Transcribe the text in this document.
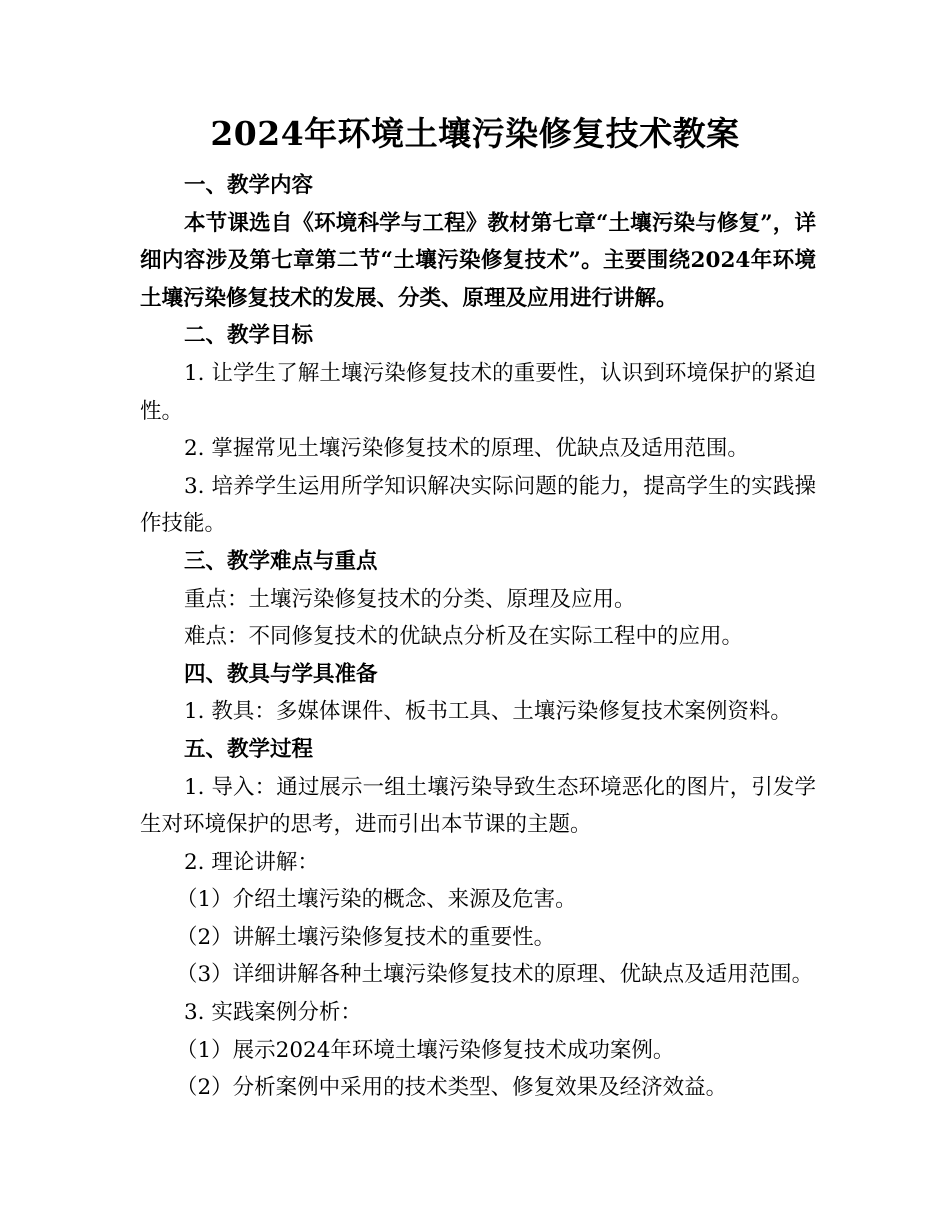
2024年环境土壤污染修复技术教案

一、教学内容

本节课选自《环境科学与工程》教材第七章“土壤污染与修复”，详细内容涉及第七章第二节“土壤污染修复技术”。主要围绕2024年环境土壤污染修复技术的发展、分类、原理及应用进行讲解。

二、教学目标

1. 让学生了解土壤污染修复技术的重要性，认识到环境保护的紧迫性。

2. 掌握常见土壤污染修复技术的原理、优缺点及适用范围。

3. 培养学生运用所学知识解决实际问题的能力，提高学生的实践操作技能。

三、教学难点与重点

重点：土壤污染修复技术的分类、原理及应用。

难点：不同修复技术的优缺点分析及在实际工程中的应用。

四、教具与学具准备

1. 教具：多媒体课件、板书工具、土壤污染修复技术案例资料。

五、教学过程

1. 导入：通过展示一组土壤污染导致生态环境恶化的图片，引发学生对环境保护的思考，进而引出本节课的主题。

2. 理论讲解：

（1）介绍土壤污染的概念、来源及危害。

（2）讲解土壤污染修复技术的重要性。

（3）详细讲解各种土壤污染修复技术的原理、优缺点及适用范围。

3. 实践案例分析：

（1）展示2024年环境土壤污染修复技术成功案例。

（2）分析案例中采用的技术类型、修复效果及经济效益。
